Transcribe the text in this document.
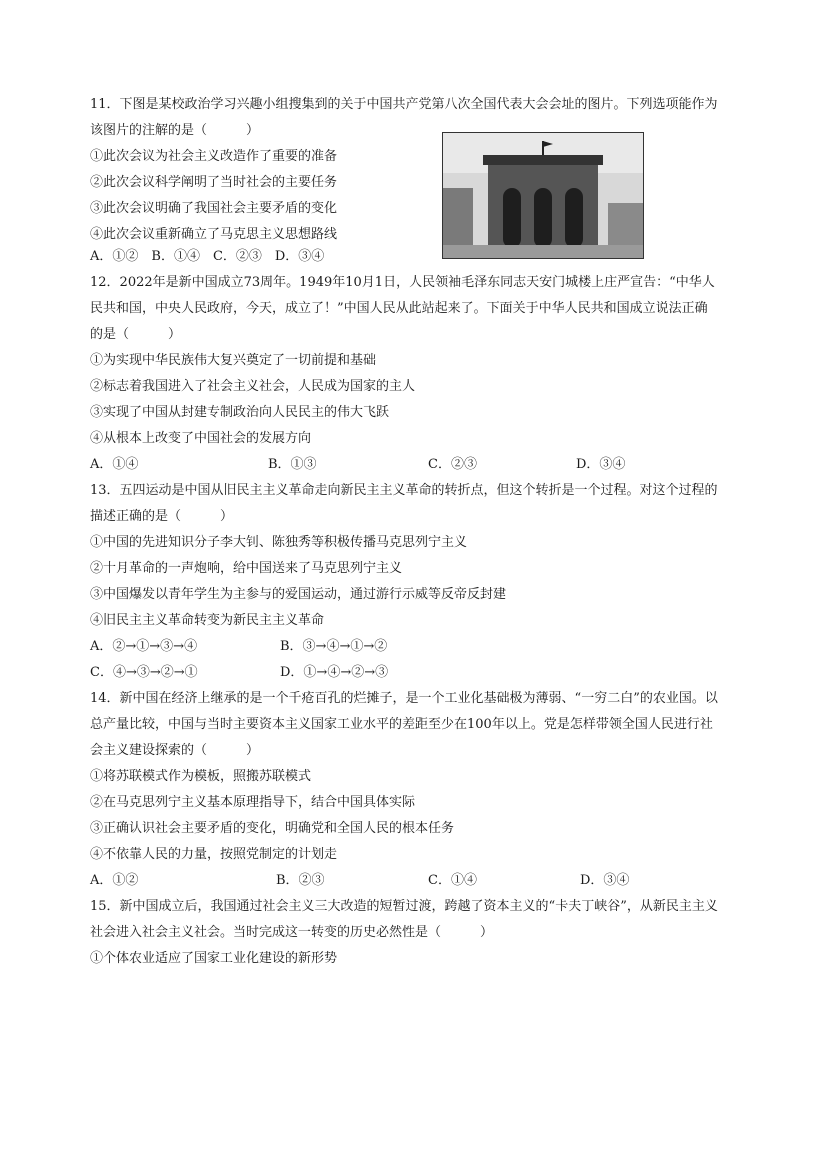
11．下图是某校政治学习兴趣小组搜集到的关于中国共产党第八次全国代表大会会址的图片。下列选项能作为
该图片的注解的是（　　　）
①此次会议为社会主义改造作了重要的准备
②此次会议科学阐明了当时社会的主要任务
③此次会议明确了我国社会主要矛盾的变化
④此次会议重新确立了马克思主义思想路线
A．①②　B．①④　C．②③　D．③④
12．2022年是新中国成立73周年。1949年10月1日，人民领袖毛泽东同志天安门城楼上庄严宣告：“中华人
民共和国，中央人民政府，今天，成立了！”中国人民从此站起来了。下面关于中华人民共和国成立说法正确
的是（　　　）
①为实现中华民族伟大复兴奠定了一切前提和基础
②标志着我国进入了社会主义社会，人民成为国家的主人
③实现了中国从封建专制政治向人民民主的伟大飞跃
④从根本上改变了中国社会的发展方向
A．①④	B．①③	C．②③	D．③④
13．五四运动是中国从旧民主主义革命走向新民主主义革命的转折点，但这个转折是一个过程。对这个过程的
描述正确的是（　　　）
①中国的先进知识分子李大钊、陈独秀等积极传播马克思列宁主义
②十月革命的一声炮响，给中国送来了马克思列宁主义
③中国爆发以青年学生为主参与的爱国运动，通过游行示威等反帝反封建
④旧民主主义革命转变为新民主主义革命
A．②→①→③→④	B．③→④→①→②
C．④→③→②→①	D．①→④→②→③
14．新中国在经济上继承的是一个千疮百孔的烂摊子，是一个工业化基础极为薄弱、“一穷二白”的农业国。以
总产量比较，中国与当时主要资本主义国家工业水平的差距至少在100年以上。党是怎样带领全国人民进行社
会主义建设探索的（　　　）
①将苏联模式作为模板，照搬苏联模式
②在马克思列宁主义基本原理指导下，结合中国具体实际
③正确认识社会主要矛盾的变化，明确党和全国人民的根本任务
④不依靠人民的力量，按照党制定的计划走
A．①②	B．②③	C．①④	D．③④
15．新中国成立后，我国通过社会主义三大改造的短暂过渡，跨越了资本主义的“卡夫丁峡谷”，从新民主主义
社会进入社会主义社会。当时完成这一转变的历史必然性是（　　　）
①个体农业适应了国家工业化建设的新形势
